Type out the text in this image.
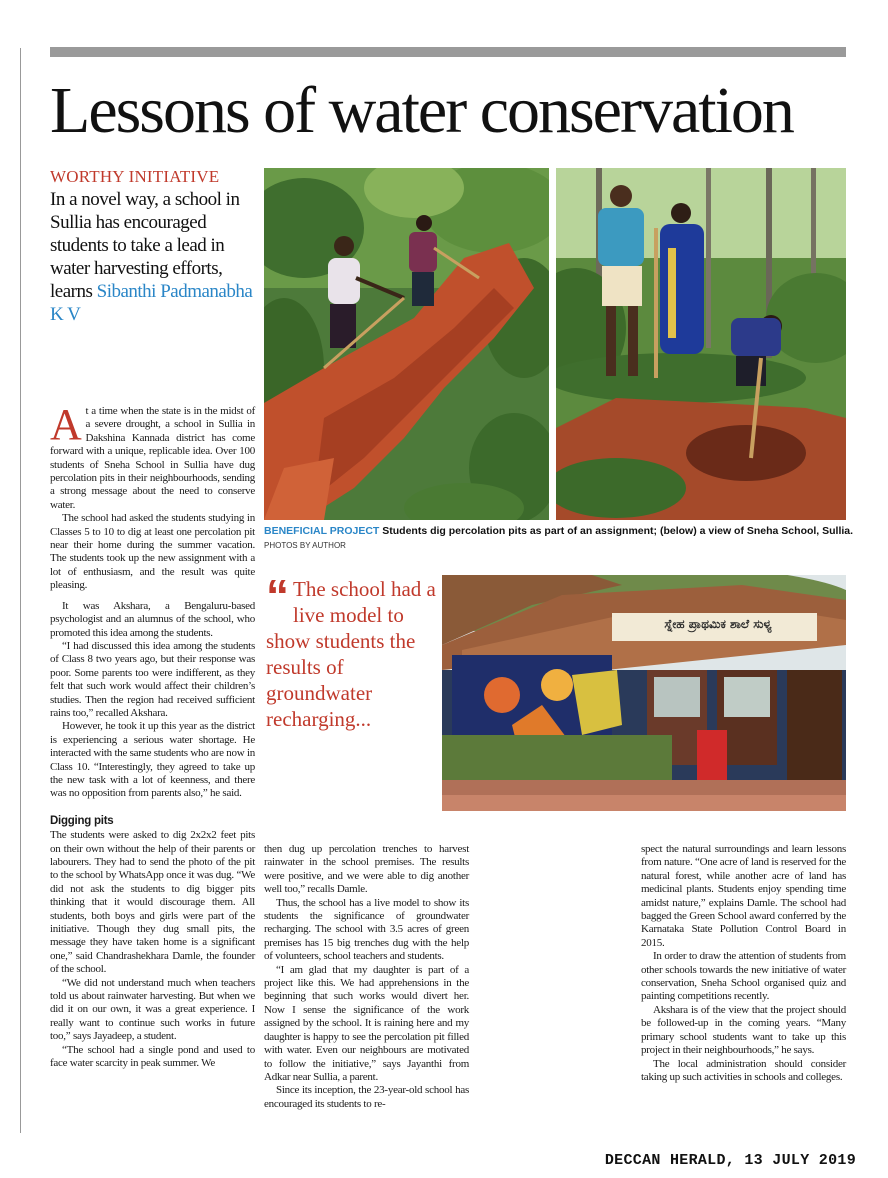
Lessons of water conservation
WORTHY INITIATIVE
In a novel way, a school in Sullia has encouraged students to take a lead in water harvesting efforts, learns Sibanthi Padmanabha K V
BENEFICIAL PROJECT Students dig percolation pits as part of an assignment; (below) a view of Sneha School, Sullia.
PHOTOS BY AUTHOR
“ The school had a live model to show students the results of groundwater recharging...
ಸ್ನೇಹ ಪ್ರಾಥಮಿಕ ಶಾಲೆ ಸುಳ್ಯ

At a time when the state is in the midst of a severe drought, a school in Sullia in Dakshina Kannada district has come forward with a unique, replicable idea. Over 100 students of Sneha School in Sullia have dug percolation pits in their neighbourhoods, sending a strong message about the need to conserve water.

The school had asked the students studying in Classes 5 to 10 to dig at least one percolation pit near their home during the summer vacation. The students took up the new assignment with a lot of enthusiasm, and the result was quite pleasing.

It was Akshara, a Bengaluru-based psychologist and an alumnus of the school, who promoted this idea among the students.

“I had discussed this idea among the students of Class 8 two years ago, but their response was poor. Some parents too were indifferent, as they felt that such work would affect their children’s studies. Then the region had received sufficient rains too,” recalled Akshara.

However, he took it up this year as the district is experiencing a serious water shortage. He interacted with the same students who are now in Class 10. “Interestingly, they agreed to take up the new task with a lot of keenness, and there was no opposition from parents also,” he said.

Digging pits

The students were asked to dig 2x2x2 feet pits on their own without the help of their parents or labourers. They had to send the photo of the pit to the school by WhatsApp once it was dug. “We did not ask the students to dig bigger pits thinking that it would discourage them. All students, both boys and girls were part of the initiative. Though they dug small pits, the message they have taken home is a significant one,” said Chandrashekhara Damle, the founder of the school.

“We did not understand much when teachers told us about rainwater harvesting. But when we did it on our own, it was a great experience. I really want to continue such works in future too,” says Jayadeep, a student.

“The school had a single pond and used to face water scarcity in peak summer. We

then dug up percolation trenches to harvest rainwater in the school premises. The results were positive, and we were able to dig another well too,” recalls Damle.

Thus, the school has a live model to show its students the significance of groundwater recharging. The school with 3.5 acres of green premises has 15 big trenches dug with the help of volunteers, school teachers and students.

“I am glad that my daughter is part of a project like this. We had apprehensions in the beginning that such works would divert her. Now I sense the significance of the work assigned by the school. It is raining here and my daughter is happy to see the percolation pit filled with water. Even our neighbours are motivated to follow the initiative,” says Jayanthi from Adkar near Sullia, a parent.

Since its inception, the 23-year-old school has encouraged its students to re-

spect the natural surroundings and learn lessons from nature. “One acre of land is reserved for the natural forest, while another acre of land has medicinal plants. Students enjoy spending time amidst nature,” explains Damle. The school had bagged the Green School award conferred by the Karnataka State Pollution Control Board in 2015.

In order to draw the attention of students from other schools towards the new initiative of water conservation, Sneha School organised quiz and painting competitions recently.

Akshara is of the view that the project should be followed-up in the coming years. “Many primary school students want to take up this project in their neighbourhoods,” he says.

The local administration should consider taking up such activities in schools and colleges.

DECCAN HERALD, 13 JULY 2019
